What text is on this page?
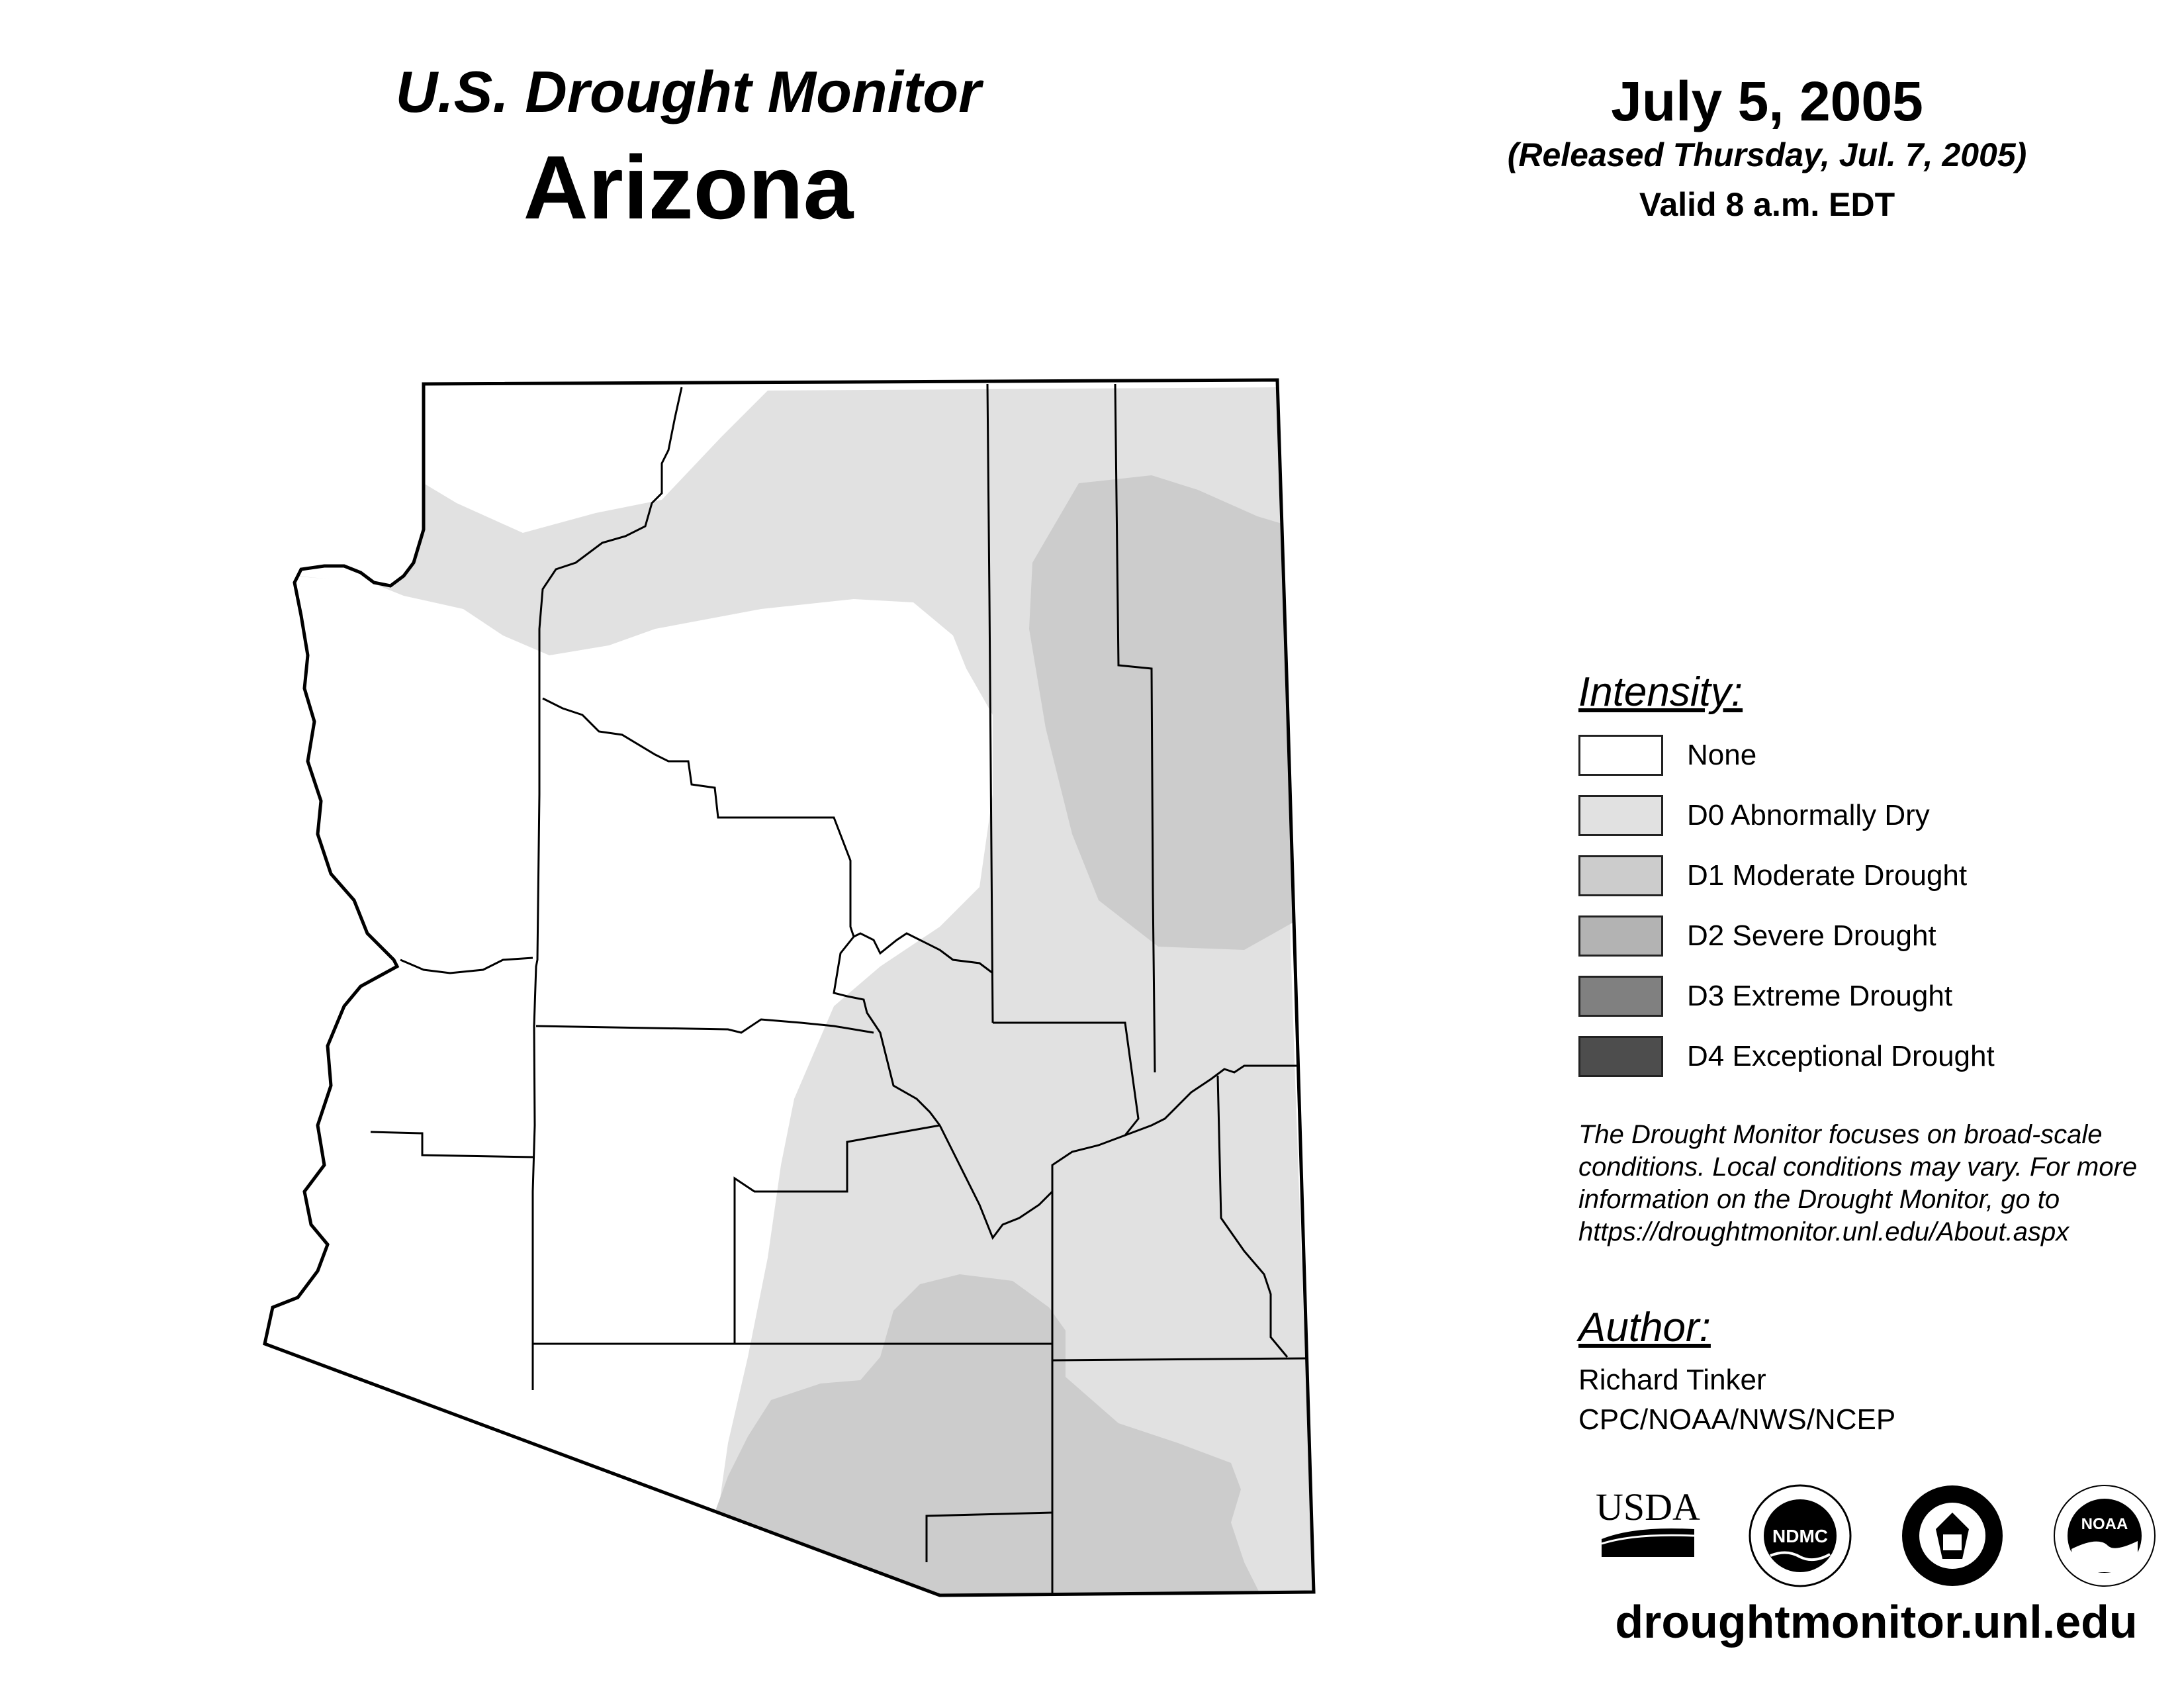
U.S. Drought Monitor
Arizona
July 5, 2005
(Released Thursday, Jul. 7, 2005)
Valid 8 a.m. EDT
Intensity:
None
D0 Abnormally Dry
D1 Moderate Drought
D2 Severe Drought
D3 Extreme Drought
D4 Exceptional Drought
The Drought Monitor focuses on broad-scale conditions. Local conditions may vary. For more information on the Drought Monitor, go to https://droughtmonitor.unl.edu/About.aspx
Author:
Richard Tinker
CPC/NOAA/NWS/NCEP
USDA
NDMC
NOAA
droughtmonitor.unl.edu
